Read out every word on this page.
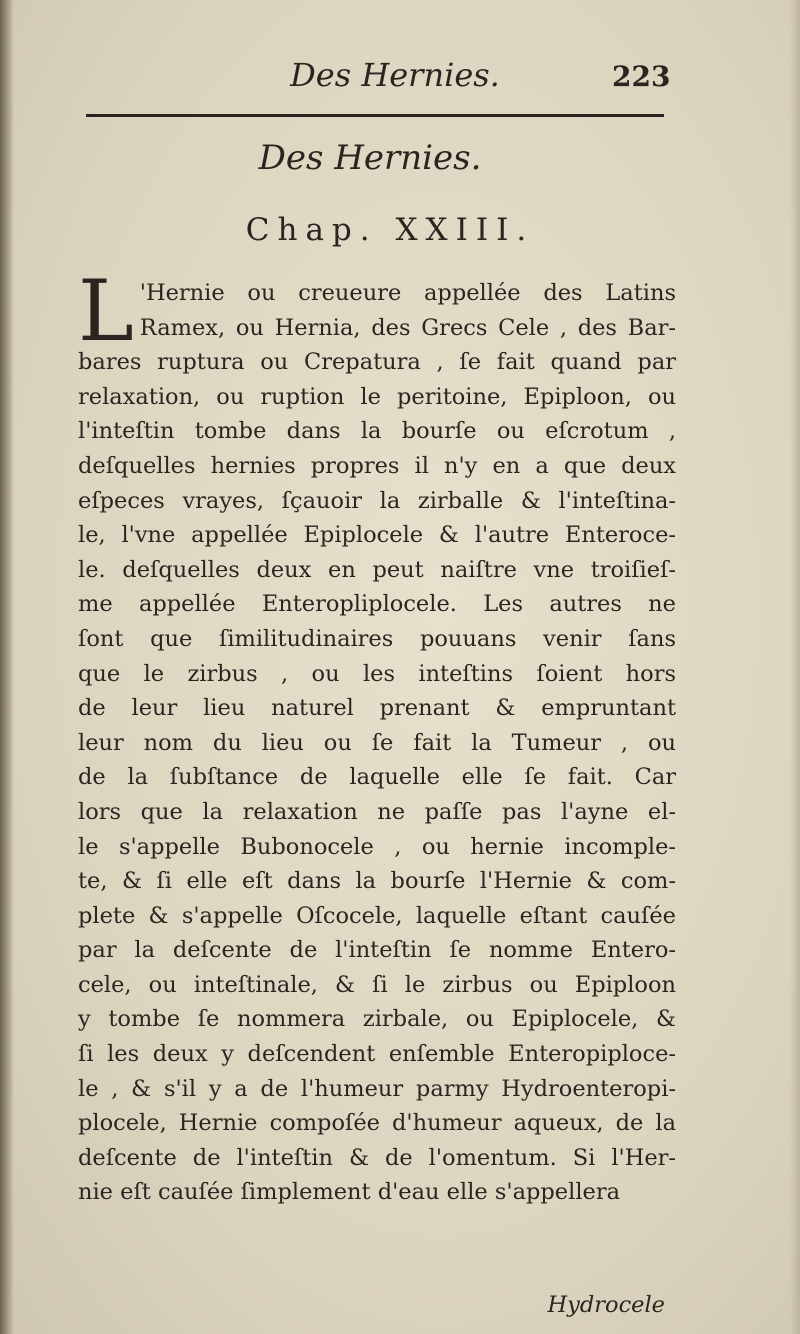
Des Hernies.	223
Des Hernies.
Chap. XXIII.
L 'Hernie ou creueure appellée des Latins
Ramex, ou Hernia, des Grecs Cele , des Bar-
bares ruptura ou Crepatura , ſe fait quand par
relaxation, ou ruption le peritoine, Epiploon, ou
l'inteſtin tombe dans la bourſe ou eſcrotum ,
deſquelles hernies propres il n'y en a que deux
eſpeces vrayes, ſçauoir la zirballe & l'inteſtina-
le, l'vne appellée Epiplocele & l'autre Enteroce-
le. deſquelles deux en peut naiſtre vne troiſieſ-
me appellée Enteropliplocele. Les autres ne
ſont que ſimilitudinaires pouuans venir ſans
que le zirbus , ou les inteſtins ſoient hors
de leur lieu naturel prenant & empruntant
leur nom du lieu ou ſe fait la Tumeur , ou
de la ſubſtance de laquelle elle ſe fait. Car
lors que la relaxation ne paſſe pas l'ayne el-
le s'appelle Bubonocele , ou hernie incomple-
te, & ſi elle eſt dans la bourſe l'Hernie & com-
plete & s'appelle Oſcocele, laquelle eſtant cauſée
par la deſcente de l'inteſtin ſe nomme Entero-
cele, ou inteſtinale, & ſi le zirbus ou Epiploon
y tombe ſe nommera zirbale, ou Epiplocele, &
ſi les deux y deſcendent enſemble Enteropiploce-
le , & s'il y a de l'humeur parmy Hydroenteropi-
plocele, Hernie compoſée d'humeur aqueux, de la
deſcente de l'inteſtin & de l'omentum. Si l'Her-
nie eſt cauſée ſimplement d'eau elle s'appellera
Hydrocele
